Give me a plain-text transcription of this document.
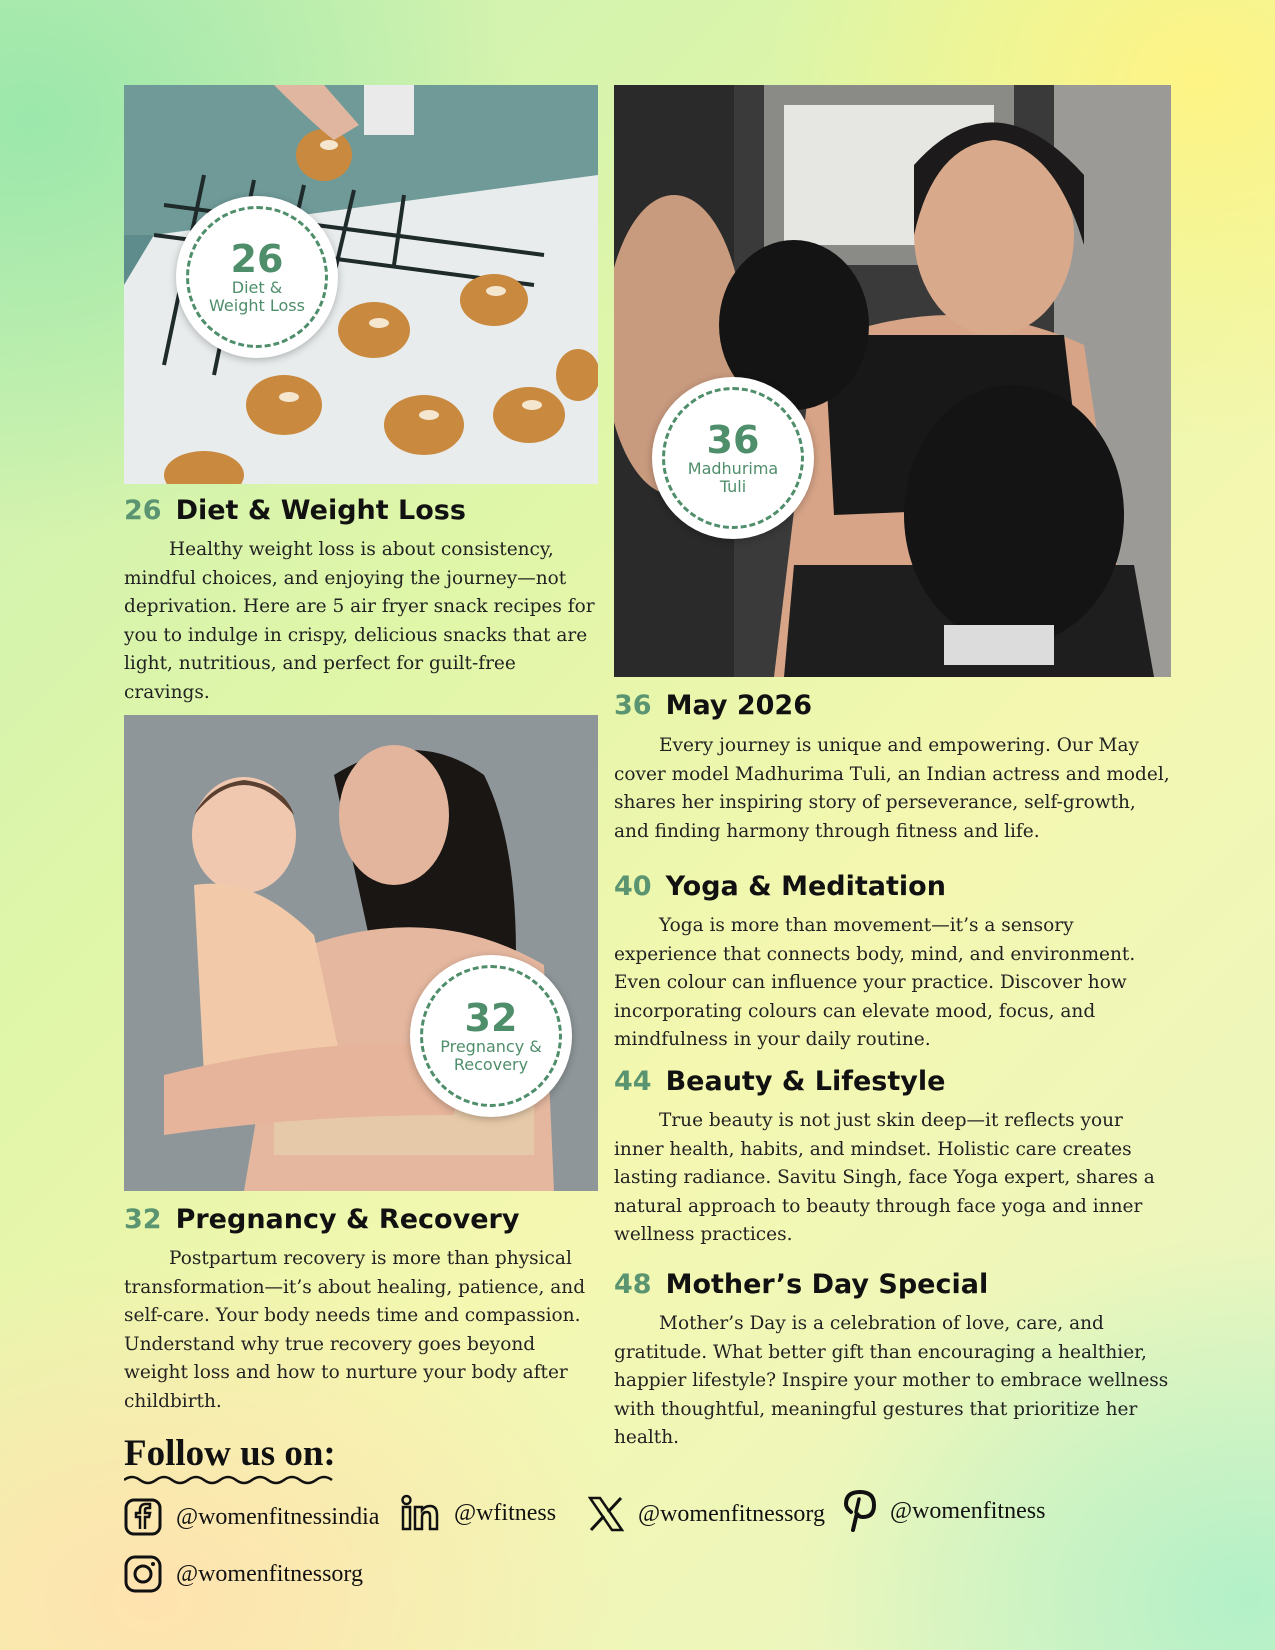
26
Diet &
Weight Loss
36
Madhurima
Tuli
26 Diet & Weight Loss
Healthy weight loss is about consistency, mindful choices, and enjoying the journey—not deprivation. Here are 5 air fryer snack recipes for you to indulge in crispy, delicious snacks that are light, nutritious, and perfect for guilt-free cravings.
32
Pregnancy &
Recovery
32 Pregnancy & Recovery
Postpartum recovery is more than physical transformation—it’s about healing, patience, and self-care. Your body needs time and compassion. Understand why true recovery goes beyond weight loss and how to nurture your body after childbirth.
36 May 2026
Every journey is unique and empowering. Our May cover model Madhurima Tuli, an Indian actress and model, shares her inspiring story of perseverance, self-growth, and finding harmony through fitness and life.
40 Yoga & Meditation
Yoga is more than movement—it’s a sensory experience that connects body, mind, and environment. Even colour can influence your practice. Discover how incorporating colours can elevate mood, focus, and mindfulness in your daily routine.
44 Beauty & Lifestyle
True beauty is not just skin deep—it reflects your inner health, habits, and mindset. Holistic care creates lasting radiance. Savitu Singh, face Yoga expert, shares a natural approach to beauty through face yoga and inner wellness practices.
48 Mother’s Day Special
Mother’s Day is a celebration of love, care, and gratitude. What better gift than encouraging a healthier, happier lifestyle? Inspire your mother to embrace wellness with thoughtful, meaningful gestures that prioritize her health.
Follow us on:
@womenfitnessindia	@wfitness	@womenfitnessorg	@womenfitness
@womenfitnessorg
